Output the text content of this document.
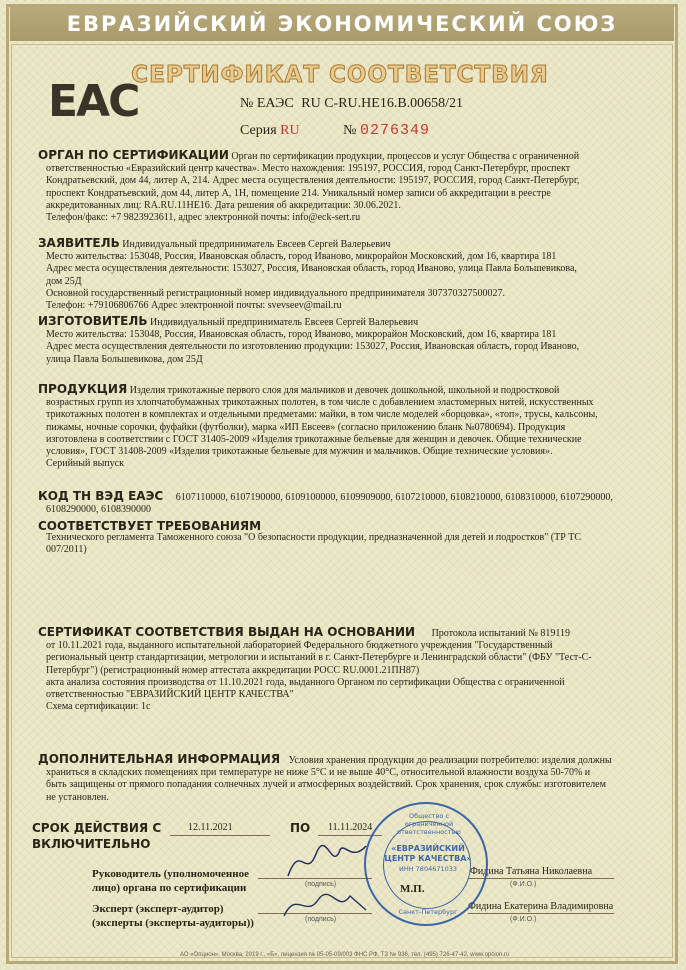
ЕВРАЗИЙСКИЙ ЭКОНОМИЧЕСКИЙ СОЮЗ
EAC
СЕРТИФИКАТ СООТВЕТСТВИЯ
№ ЕАЭС RU С-RU.НЕ16.В.00658/21
Серия RU	№ 0276349
ОРГАН ПО СЕРТИФИКАЦИИ Орган по сертификации продукции, процессов и услуг Общества с ограниченной
ответственностью «Евразийский центр качества». Место нахождения: 195197, РОССИЯ, город Санкт-Петербург, проспект
Кондратьевский, дом 44, литер А, 214. Адрес места осуществления деятельности: 195197, РОССИЯ, город Санкт-Петербург,
проспект Кондратьевский, дом 44, литер А, 1Н, помещение 214. Уникальный номер записи об аккредитации в реестре
аккредитованных лиц: RA.RU.11НЕ16. Дата решения об аккредитации: 30.06.2021.
Телефон/факс: +7 9823923611, адрес электронной почты: info@eck-sert.ru
ЗАЯВИТЕЛЬ Индивидуальный предприниматель Евсеев Сергей Валерьевич
Место жительства: 153048, Россия, Ивановская область, город Иваново, микрорайон Московский, дом 16, квартира 181
Адрес места осуществления деятельности: 153027, Россия, Ивановская область, город Иваново, улица Павла Большевикова,
дом 25Д
Основной государственный регистрационный номер индивидуального предпринимателя 307370327500027.
Телефон: +79106806766 Адрес электронной почты: svevseev@mail.ru
ИЗГОТОВИТЕЛЬ Индивидуальный предприниматель Евсеев Сергей Валерьевич
Место жительства: 153048, Россия, Ивановская область, город Иваново, микрорайон Московский, дом 16, квартира 181
Адрес места осуществления деятельности по изготовлению продукции: 153027, Россия, Ивановская область, город Иваново,
улица Павла Большевикова, дом 25Д
ПРОДУКЦИЯ Изделия трикотажные первого слоя для мальчиков и девочек дошкольной, школьной и подростковой
возрастных групп из хлопчатобумажных трикотажных полотен, в том числе с добавлением эластомерных нитей, искусственных
трикотажных полотен в комплектах и отдельными предметами: майки, в том числе моделей «борцовка», «топ», трусы, кальсоны,
пижамы, ночные сорочки, фуфайки (футболки), марка «ИП Евсеев» (согласно приложению бланк №0780694). Продукция
изготовлена в соответствии с ГОСТ 31405-2009 «Изделия трикотажные бельевые для женщин и девочек. Общие технические
условия», ГОСТ 31408-2009 «Изделия трикотажные бельевые для мужчин и мальчиков. Общие технические условия».
Серийный выпуск
КОД ТН ВЭД ЕАЭС 6107110000, 6107190000, 6109100000, 6109909000, 6107210000, 6108210000, 6108310000, 6107290000,
6108290000, 6108390000
СООТВЕТСТВУЕТ ТРЕБОВАНИЯМ
Технического регламента Таможенного союза "О безопасности продукции, предназначенной для детей и подростков" (ТР ТС
007/2011)
СЕРТИФИКАТ СООТВЕТСТВИЯ ВЫДАН НА ОСНОВАНИИ Протокола испытаний № 819119
от 10.11.2021 года, выданного испытательной лабораторией Федерального бюджетного учреждения "Государственный
региональный центр стандартизации, метрологии и испытаний в г. Санкт-Петербурге и Ленинградской области" (ФБУ "Тест-С-
Петербург") (регистрационный номер аттестата аккредитации РОСС RU.0001.21ПН87)
акта анализа состояния производства от 11.10.2021 года, выданного Органом по сертификации Общества с ограниченной
ответственностью "ЕВРАЗИЙСКИЙ ЦЕНТР КАЧЕСТВА"
Схема сертификации: 1с
ДОПОЛНИТЕЛЬНАЯ ИНФОРМАЦИЯ Условия хранения продукции до реализации потребителю: изделия должны
храниться в складских помещениях при температуре не ниже 5°С и не выше 40°С, относительной влажности воздуха 50-70% и
быть защищены от прямого попадания солнечных лучей и атмосферных воздействий. Срок хранения, срок службы: изготовителем
не установлен.
СРОК ДЕЙСТВИЯ С	12.11.2021	ПО 11.11.2024
ВКЛЮЧИТЕЛЬНО
Руководитель (уполномоченное
лицо) органа по сертификации	(подпись)
Фидина Татьяна Николаевна
(Ф.И.О.)
М.П.
Эксперт (эксперт-аудитор)
(эксперты (эксперты-аудиторы))	(подпись)
Фидина Екатерина Владимировна
(Ф.И.О.)
Общество с ограниченной ответственностью
«ЕВРАЗИЙСКИЙ
ЦЕНТР КАЧЕСТВА»
ИНН 7804671033
Санкт-Петербург
АО «Опцион», Москва, 2019 г., «Б», лицензия № 05-05-09/003 ФНС РФ, ТЗ № 936, тел. (495) 726-47-42, www.opcion.ru
